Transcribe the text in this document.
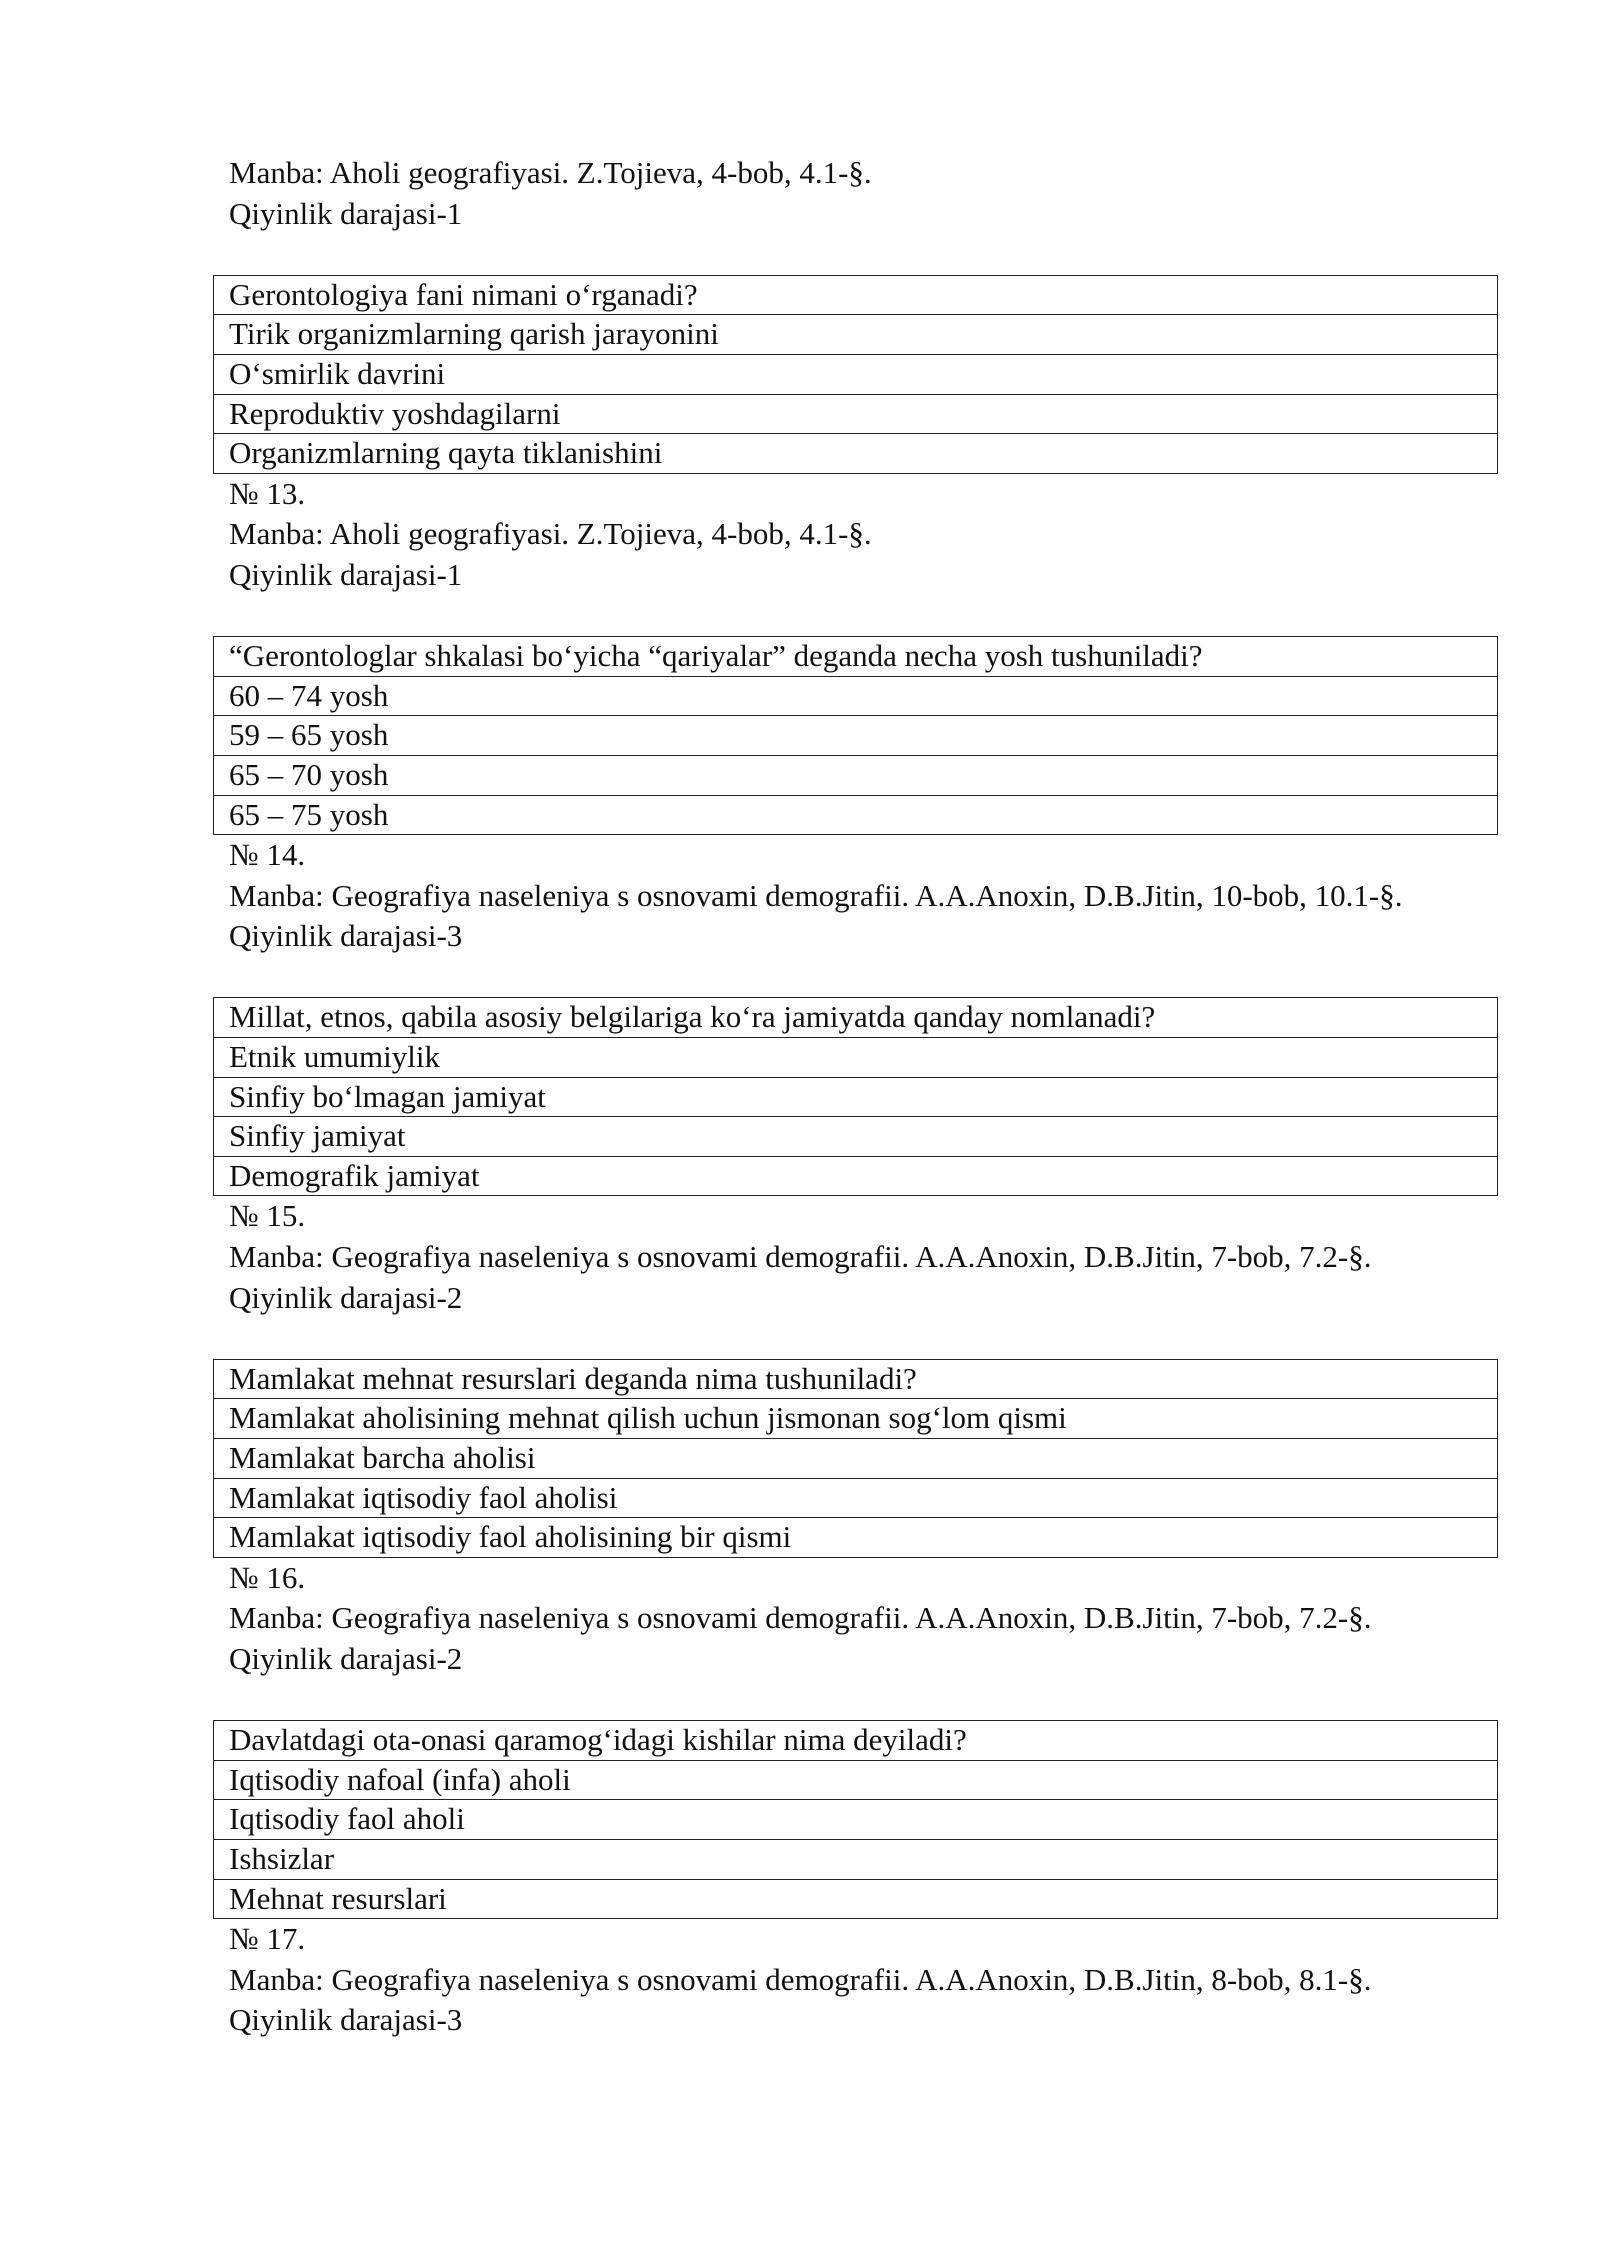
Manba: Aholi geografiyasi. Z.Tojieva, 4-bob, 4.1-§.

Qiyinlik darajasi-1

Gerontologiya fani nimani o‘rganadi?
Tirik organizmlarning qarish jarayonini
O‘smirlik davrini
Reproduktiv yoshdagilarni
Organizmlarning qayta tiklanishini

№ 13.

Manba: Aholi geografiyasi. Z.Tojieva, 4-bob, 4.1-§.

Qiyinlik darajasi-1

“Gerontologlar shkalasi bo‘yicha “qariyalar” deganda necha yosh tushuniladi?
60 – 74 yosh
59 – 65 yosh
65 – 70 yosh
65 – 75 yosh

№ 14.

Manba: Geografiya naseleniya s osnovami demografii. A.A.Anoxin, D.B.Jitin, 10-bob, 10.1-§.

Qiyinlik darajasi-3

Millat, etnos, qabila asosiy belgilariga ko‘ra jamiyatda qanday nomlanadi?
Etnik umumiylik
Sinfiy bo‘lmagan jamiyat
Sinfiy jamiyat
Demografik jamiyat

№ 15.

Manba: Geografiya naseleniya s osnovami demografii. A.A.Anoxin, D.B.Jitin, 7-bob, 7.2-§.

Qiyinlik darajasi-2

Mamlakat mehnat resurslari deganda nima tushuniladi?
Mamlakat aholisining mehnat qilish uchun jismonan sog‘lom qismi
Mamlakat barcha aholisi
Mamlakat iqtisodiy faol aholisi
Mamlakat iqtisodiy faol aholisining bir qismi

№ 16.

Manba: Geografiya naseleniya s osnovami demografii. A.A.Anoxin, D.B.Jitin, 7-bob, 7.2-§.

Qiyinlik darajasi-2

Davlatdagi ota-onasi qaramog‘idagi kishilar nima deyiladi?
Iqtisodiy nafoal (infa) aholi
Iqtisodiy faol aholi
Ishsizlar
Mehnat resurslari

№ 17.

Manba: Geografiya naseleniya s osnovami demografii. A.A.Anoxin, D.B.Jitin, 8-bob, 8.1-§.

Qiyinlik darajasi-3
